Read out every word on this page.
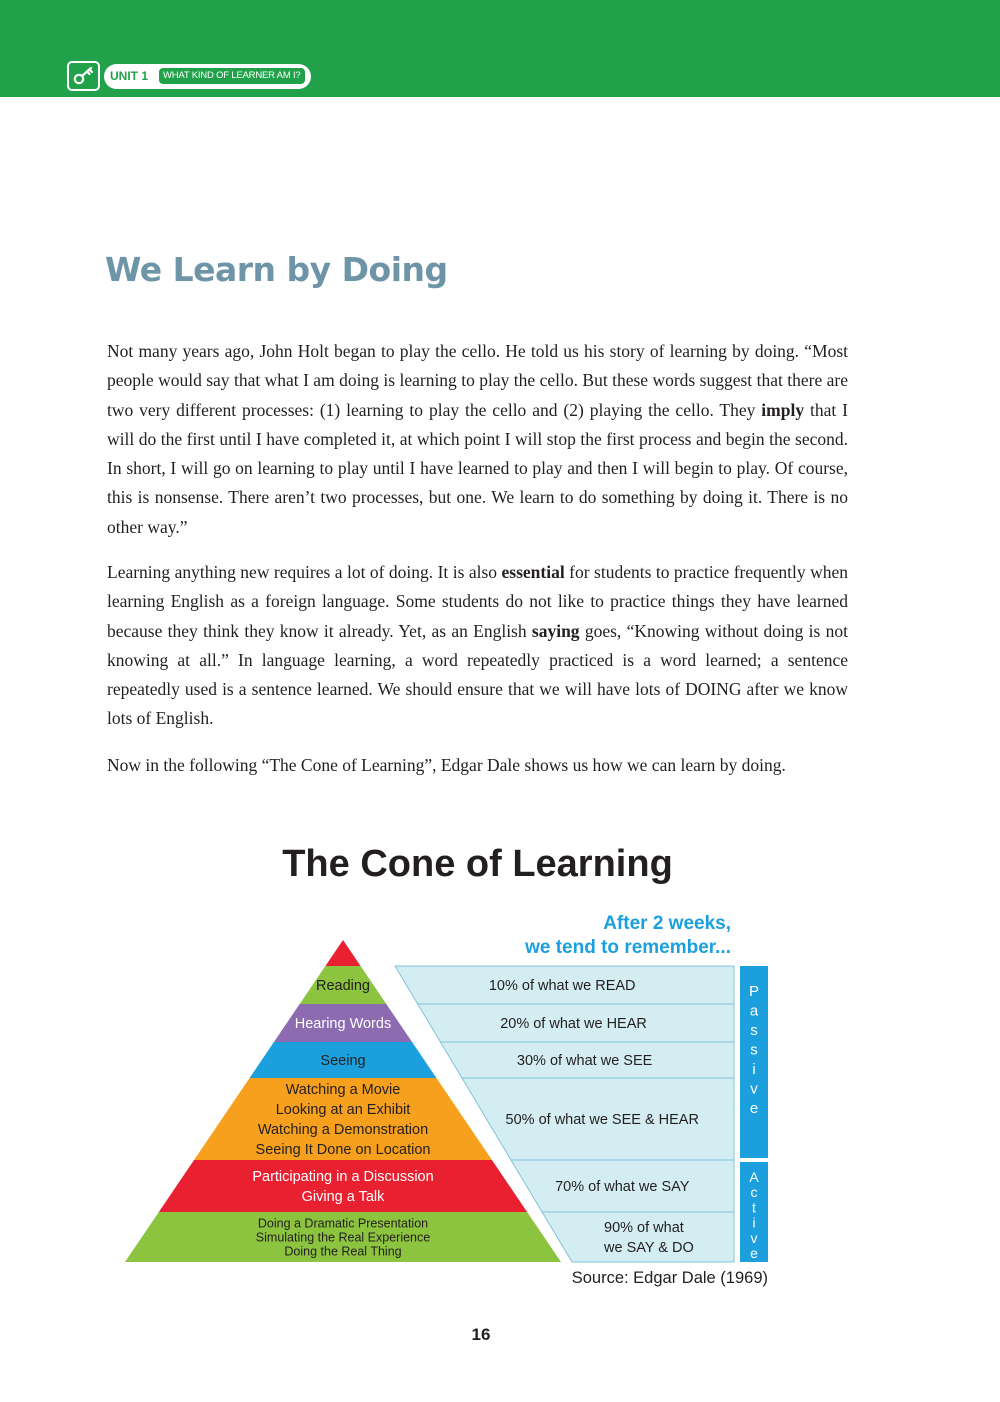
UNIT 1	WHAT KIND OF LEARNER AM I?
We Learn by Doing

Not many years ago, John Holt began to play the cello. He told us his story of learning by doing. “Most people would say that what I am doing is learning to play the cello. But these words suggest that there are two very different processes: (1) learning to play the cello and (2) playing the cello. They imply that I will do the first until I have completed it, at which point I will stop the first process and begin the second. In short, I will go on learning to play until I have learned to play and then I will begin to play. Of course, this is nonsense. There aren’t two processes, but one. We learn to do something by doing it. There is no other way.”

Learning anything new requires a lot of doing. It is also essential for students to practice frequently when learning English as a foreign language. Some students do not like to practice things they have learned because they think they know it already. Yet, as an English saying goes, “Knowing without doing is not knowing at all.” In language learning, a word repeatedly practiced is a word learned; a sentence repeatedly used is a sentence learned. We should ensure that we will have lots of DOING after we know lots of English.

Now in the following “The Cone of Learning”, Edgar Dale shows us how we can learn by doing.

The Cone of Learning
Reading
Hearing Words
Seeing
Watching a Movie
Looking at an Exhibit
Watching a Demonstration
Seeing It Done on Location
Participating in a Discussion
Giving a Talk
Doing a Dramatic Presentation
Simulating the Real Experience
Doing the Real Thing
10% of what we READ
20% of what we HEAR
30% of what we SEE
50% of what we SEE & HEAR
70% of what we SAY
90% of what
we SAY & DO
After 2 weeks,
we tend to remember...
P
a
s
s
i
v
e
A
c
t
i
v
e
Source: Edgar Dale (1969)
16
